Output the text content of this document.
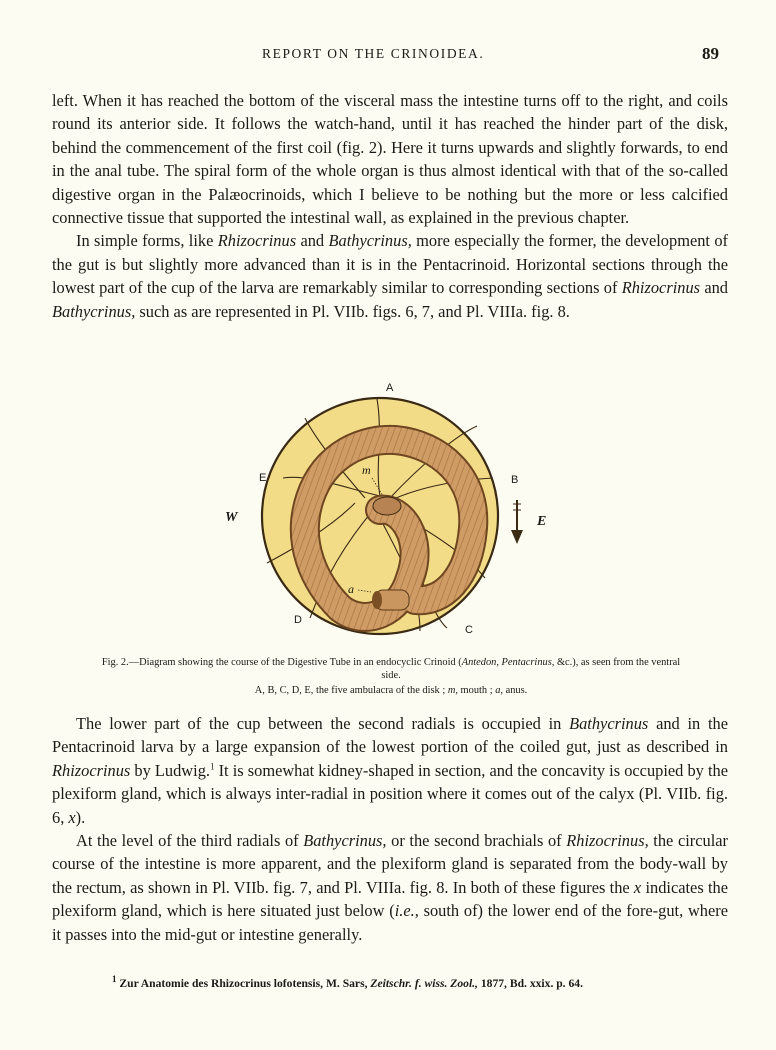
REPORT ON THE CRINOIDEA.	89

left. When it has reached the bottom of the visceral mass the intestine turns off to the right, and coils round its anterior side. It follows the watch-hand, until it has reached the hinder part of the disk, behind the commencement of the first coil (fig. 2). Here it turns upwards and slightly forwards, to end in the anal tube. The spiral form of the whole organ is thus almost identical with that of the so-called digestive organ in the Palæocrinoids, which I believe to be nothing but the more or less calcified connective tissue that supported the intestinal wall, as explained in the previous chapter.

In simple forms, like Rhizocrinus and Bathycrinus, more especially the former, the development of the gut is but slightly more advanced than it is in the Pentacrinoid. Horizontal sections through the lowest part of the cup of the larva are remarkably similar to corresponding sections of Rhizocrinus and Bathycrinus, such as are represented in Pl. VIIb. figs. 6, 7, and Pl. VIIIa. fig. 8.

A
B
C
D
E
m
a
W	E
Fig. 2.—Diagram showing the course of the Digestive Tube in an endocyclic Crinoid (Antedon, Pentacrinus, &c.), as seen from the ventral side.
A, B, C, D, E, the five ambulacra of the disk ; m, mouth ; a, anus.

The lower part of the cup between the second radials is occupied in Bathycrinus and in the Pentacrinoid larva by a large expansion of the lowest portion of the coiled gut, just as described in Rhizocrinus by Ludwig.$^1$ It is somewhat kidney-shaped in section, and the concavity is occupied by the plexiform gland, which is always inter-radial in position where it comes out of the calyx (Pl. VIIb. fig. 6, x).

At the level of the third radials of Bathycrinus, or the second brachials of Rhizocrinus, the circular course of the intestine is more apparent, and the plexiform gland is separated from the body-wall by the rectum, as shown in Pl. VIIb. fig. 7, and Pl. VIIIa. fig. 8. In both of these figures the x indicates the plexiform gland, which is here situated just below (i.e., south of) the lower end of the fore-gut, where it passes into the mid-gut or intestine generally.

$^1$ Zur Anatomie des Rhizocrinus lofotensis, M. Sars, Zeitschr. f. wiss. Zool., 1877, Bd. xxix. p. 64.
